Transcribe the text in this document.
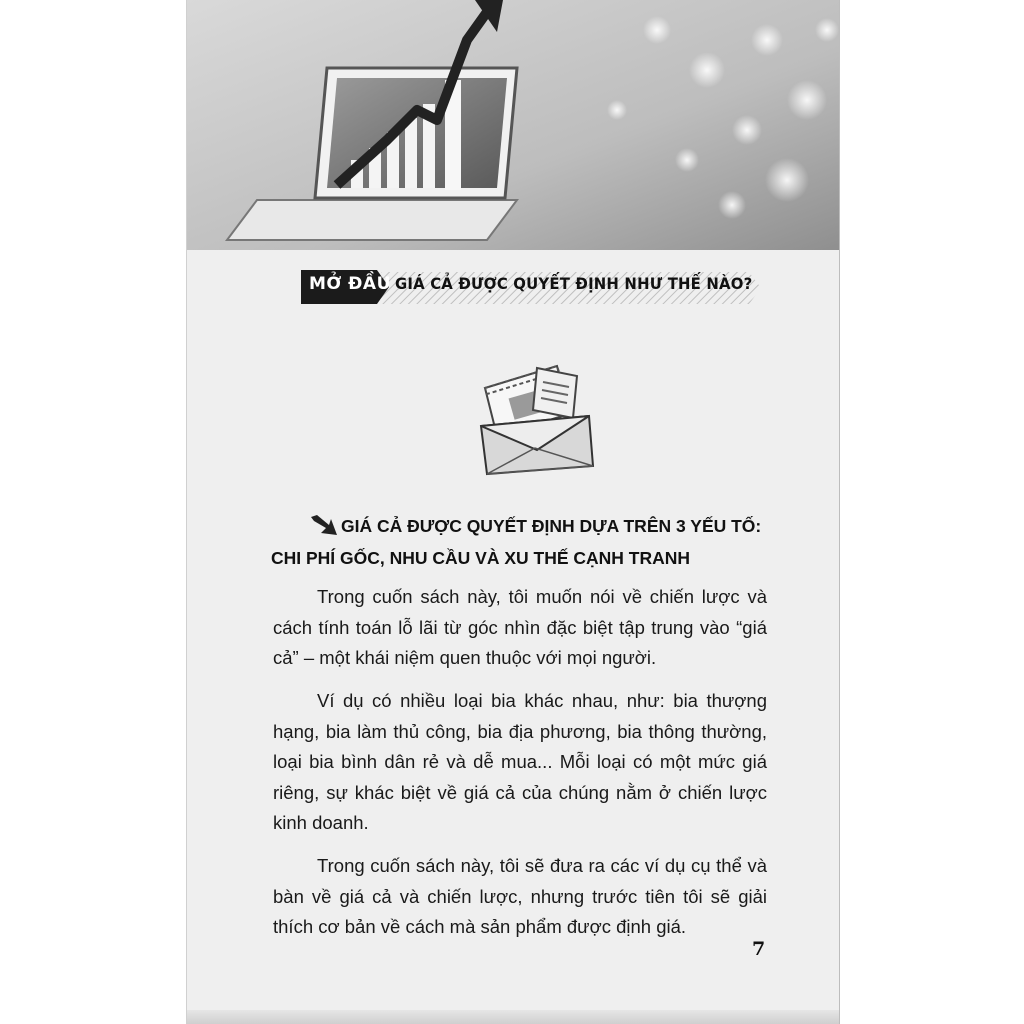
MỞ ĐẦU GIÁ CẢ ĐƯỢC QUYẾT ĐỊNH NHƯ THẾ NÀO?
GIÁ CẢ ĐƯỢC QUYẾT ĐỊNH DỰA TRÊN 3 YẾU TỐ:
CHI PHÍ GỐC, NHU CẦU VÀ XU THẾ CẠNH TRANH

Trong cuốn sách này, tôi muốn nói về chiến lược và cách tính toán lỗ lãi từ góc nhìn đặc biệt tập trung vào “giá cả” – một khái niệm quen thuộc với mọi người.

Ví dụ có nhiều loại bia khác nhau, như: bia thượng hạng, bia làm thủ công, bia địa phương, bia thông thường, loại bia bình dân rẻ và dễ mua... Mỗi loại có một mức giá riêng, sự khác biệt về giá cả của chúng nằm ở chiến lược kinh doanh.

Trong cuốn sách này, tôi sẽ đưa ra các ví dụ cụ thể và bàn về giá cả và chiến lược, nhưng trước tiên tôi sẽ giải thích cơ bản về cách mà sản phẩm được định giá.

7
